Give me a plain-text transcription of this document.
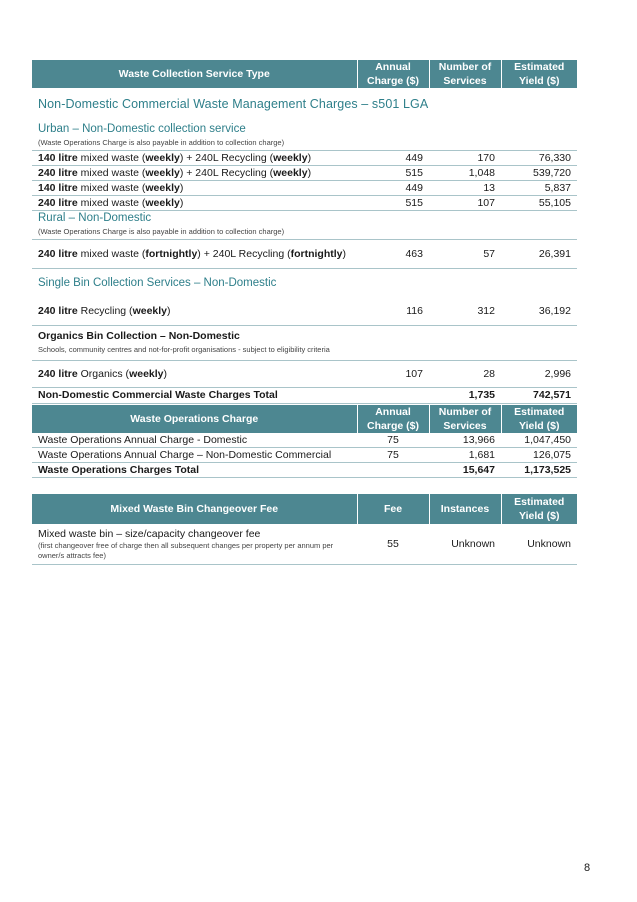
Waste Collection Service Type	Annual Charge ($)	Number of Services	Estimated Yield ($)
Non-Domestic Commercial Waste Management Charges – s501 LGA			
Urban – Non-Domestic collection service			
(Waste Operations Charge is also payable in addition to collection charge)			
140 litre mixed waste (weekly) + 240L Recycling (weekly)	449	170	76,330
240 litre mixed waste (weekly) + 240L Recycling (weekly)	515	1,048	539,720
140 litre mixed waste (weekly)	449	13	5,837
240 litre mixed waste (weekly)	515	107	55,105
Rural – Non-Domestic			
(Waste Operations Charge is also payable in addition to collection charge)			
240 litre mixed waste (fortnightly) + 240L Recycling (fortnightly)	463	57	26,391
Single Bin Collection Services – Non-Domestic			
240 litre Recycling (weekly)	116	312	36,192
Organics Bin Collection – Non-Domestic			
Schools, community centres and not-for-profit organisations - subject to eligibility criteria			
240 litre Organics (weekly)	107	28	2,996
Non-Domestic Commercial Waste Charges Total		1,735	742,571
Waste Operations Charge	Annual Charge ($)	Number of Services	Estimated Yield ($)
Waste Operations Annual Charge - Domestic	75	13,966	1,047,450
Waste Operations Annual Charge – Non-Domestic Commercial	75	1,681	126,075
Waste Operations Charges Total		15,647	1,173,525
Mixed Waste Bin Changeover Fee	Fee	Instances	Estimated Yield ($)

Mixed waste bin – size/capacity changeover fee
(first changeover free of charge then all subsequent changes per property per annum per owner/s attracts fee)	55	Unknown	Unknown
8
